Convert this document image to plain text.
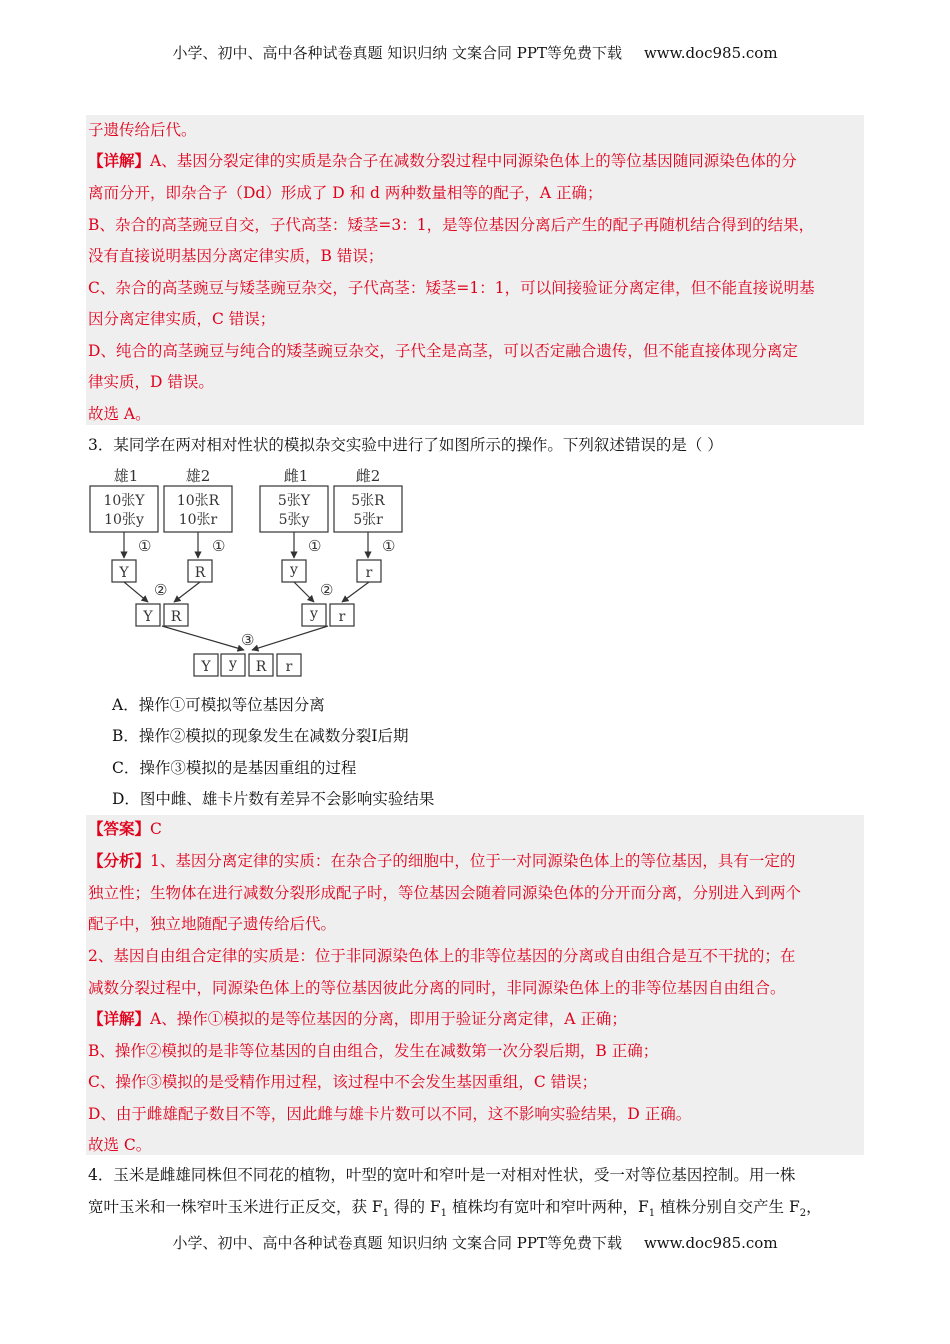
小学、初中、高中各种试卷真题 知识归纳 文案合同 PPT等免费下载 www.doc985.com
子遗传给后代。
【详解】A、基因分裂定律的实质是杂合子在减数分裂过程中同源染色体上的等位基因随同源染色体的分
离而分开，即杂合子（Dd）形成了 D 和 d 两种数量相等的配子，A 正确；
B、杂合的高茎豌豆自交，子代高茎：矮茎=3：1，是等位基因分离后产生的配子再随机结合得到的结果，
没有直接说明基因分离定律实质，B 错误；
C、杂合的高茎豌豆与矮茎豌豆杂交，子代高茎：矮茎=1：1，可以间接验证分离定律，但不能直接说明基
因分离定律实质，C 错误；
D、纯合的高茎豌豆与纯合的矮茎豌豆杂交，子代全是高茎，可以否定融合遗传，但不能直接体现分离定
律实质，D 错误。
故选 A。
3．某同学在两对相对性状的模拟杂交实验中进行了如图所示的操作。下列叙述错误的是（ ）
雄1	雄2	雌1	雌2
10张Y
10张y
10张R
10张r
5张Y
5张y
5张R
5张r
①	①	①	①
Y	R	y	r
②	②
Y R	y r
③
Y y R r
A．操作①可模拟等位基因分离
B．操作②模拟的现象发生在减数分裂Ⅰ后期
C．操作③模拟的是基因重组的过程
D．图中雌、雄卡片数有差异不会影响实验结果
【答案】C
【分析】1、基因分离定律的实质：在杂合子的细胞中，位于一对同源染色体上的等位基因，具有一定的
独立性；生物体在进行减数分裂形成配子时，等位基因会随着同源染色体的分开而分离，分别进入到两个
配子中，独立地随配子遗传给后代。
2、基因自由组合定律的实质是：位于非同源染色体上的非等位基因的分离或自由组合是互不干扰的；在
减数分裂过程中，同源染色体上的等位基因彼此分离的同时，非同源染色体上的非等位基因自由组合。
【详解】A、操作①模拟的是等位基因的分离，即用于验证分离定律，A 正确；
B、操作②模拟的是非等位基因的自由组合，发生在减数第一次分裂后期，B 正确；
C、操作③模拟的是受精作用过程，该过程中不会发生基因重组，C 错误；
D、由于雌雄配子数目不等，因此雌与雄卡片数可以不同，这不影响实验结果，D 正确。
故选 C。
4．玉米是雌雄同株但不同花的植物，叶型的宽叶和窄叶是一对相对性状，受一对等位基因控制。用一株
宽叶玉米和一株窄叶玉米进行正反交，获 $F_1$ 得的 $F_1$ 植株均有宽叶和窄叶两种，$F_1$ 植株分别自交产生 $F_2$，
小学、初中、高中各种试卷真题 知识归纳 文案合同 PPT等免费下载 www.doc985.com
